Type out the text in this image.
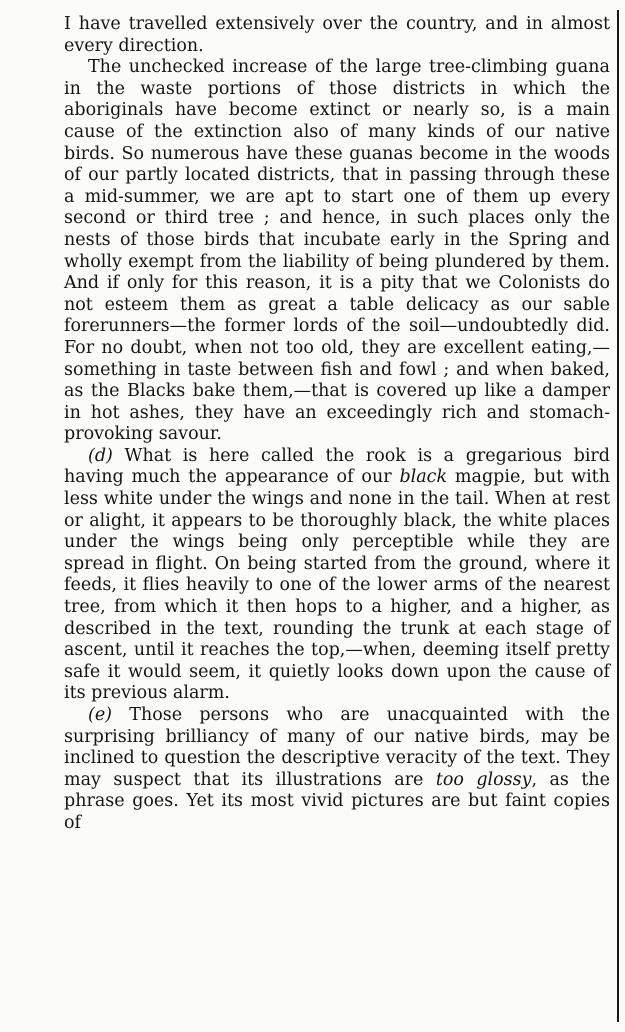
I have travelled extensively over the country, and in almost every direction.

The unchecked increase of the large tree-climbing guana in the waste portions of those districts in which the aboriginals have become extinct or nearly so, is a main cause of the extinction also of many kinds of our native birds. So numerous have these guanas become in the woods of our partly located districts, that in passing through these a mid-summer, we are apt to start one of them up every second or third tree ; and hence, in such places only the nests of those birds that incubate early in the Spring and wholly exempt from the liability of being plundered by them. And if only for this reason, it is a pity that we Colonists do not esteem them as great a table delicacy as our sable forerunners—the former lords of the soil—undoubtedly did. For no doubt, when not too old, they are excellent eating,—something in taste between fish and fowl ; and when baked, as the Blacks bake them,—that is covered up like a damper in hot ashes, they have an exceedingly rich and stomach-provoking savour.

(d) What is here called the rook is a gregarious bird having much the appearance of our black magpie, but with less white under the wings and none in the tail. When at rest or alight, it appears to be thoroughly black, the white places under the wings being only perceptible while they are spread in flight. On being started from the ground, where it feeds, it flies heavily to one of the lower arms of the nearest tree, from which it then hops to a higher, and a higher, as described in the text, rounding the trunk at each stage of ascent, until it reaches the top,—when, deeming itself pretty safe it would seem, it quietly looks down upon the cause of its previous alarm.

(e) Those persons who are unacquainted with the surprising brilliancy of many of our native birds, may be inclined to question the descriptive veracity of the text. They may suspect that its illustrations are too glossy, as the phrase goes. Yet its most vivid pictures are but faint copies of
